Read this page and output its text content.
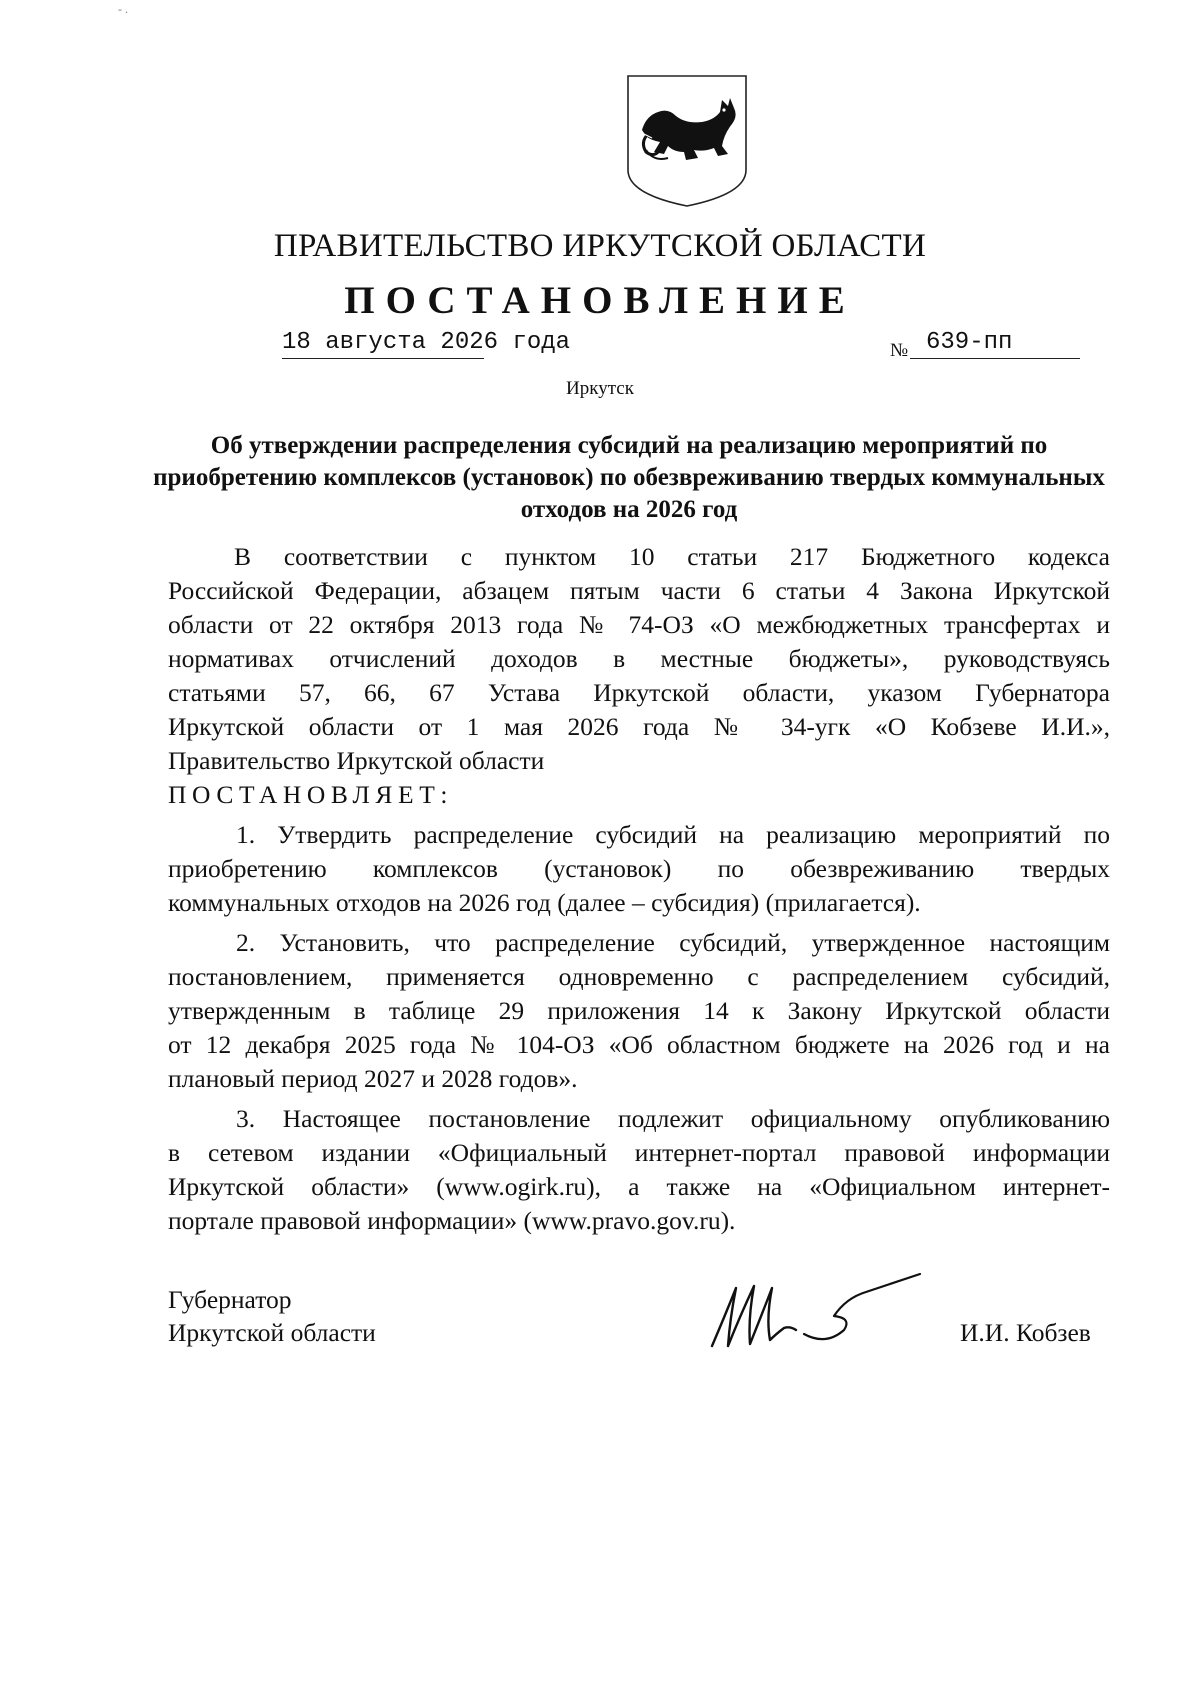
- .
ПРАВИТЕЛЬСТВО ИРКУТСКОЙ ОБЛАСТИ
ПОСТАНОВЛЕНИЕ
18 августа 2026 года	№ 639-пп
Иркутск
Об утверждении распределения субсидий на реализацию мероприятий по приобретению комплексов (установок) по обезвреживанию твердых коммунальных отходов на 2026 год
В соответствии с пунктом 10 статьи 217 Бюджетного кодекса
Российской Федерации, абзацем пятым части 6 статьи 4 Закона Иркутской
области от 22 октября 2013 года № 74-ОЗ «О межбюджетных трансфертах и
нормативах отчислений доходов в местные бюджеты», руководствуясь
статьями 57, 66, 67 Устава Иркутской области, указом Губернатора
Иркутской области от 1 мая 2026 года № 34-угк «О Кобзеве И.И.»,
Правительство Иркутской области
ПОСТАНОВЛЯЕТ:
1. Утвердить распределение субсидий на реализацию мероприятий по
приобретению комплексов (установок) по обезвреживанию твердых
коммунальных отходов на 2026 год (далее – субсидия) (прилагается).
2. Установить, что распределение субсидий, утвержденное настоящим
постановлением, применяется одновременно с распределением субсидий,
утвержденным в таблице 29 приложения 14 к Закону Иркутской области
от 12 декабря 2025 года № 104-ОЗ «Об областном бюджете на 2026 год и на
плановый период 2027 и 2028 годов».
3. Настоящее постановление подлежит официальному опубликованию
в сетевом издании «Официальный интернет-портал правовой информации
Иркутской области» (www.ogirk.ru), а также на «Официальном интернет-
портале правовой информации» (www.pravo.gov.ru).
Губернатор
Иркутской области	И.И. Кобзев
